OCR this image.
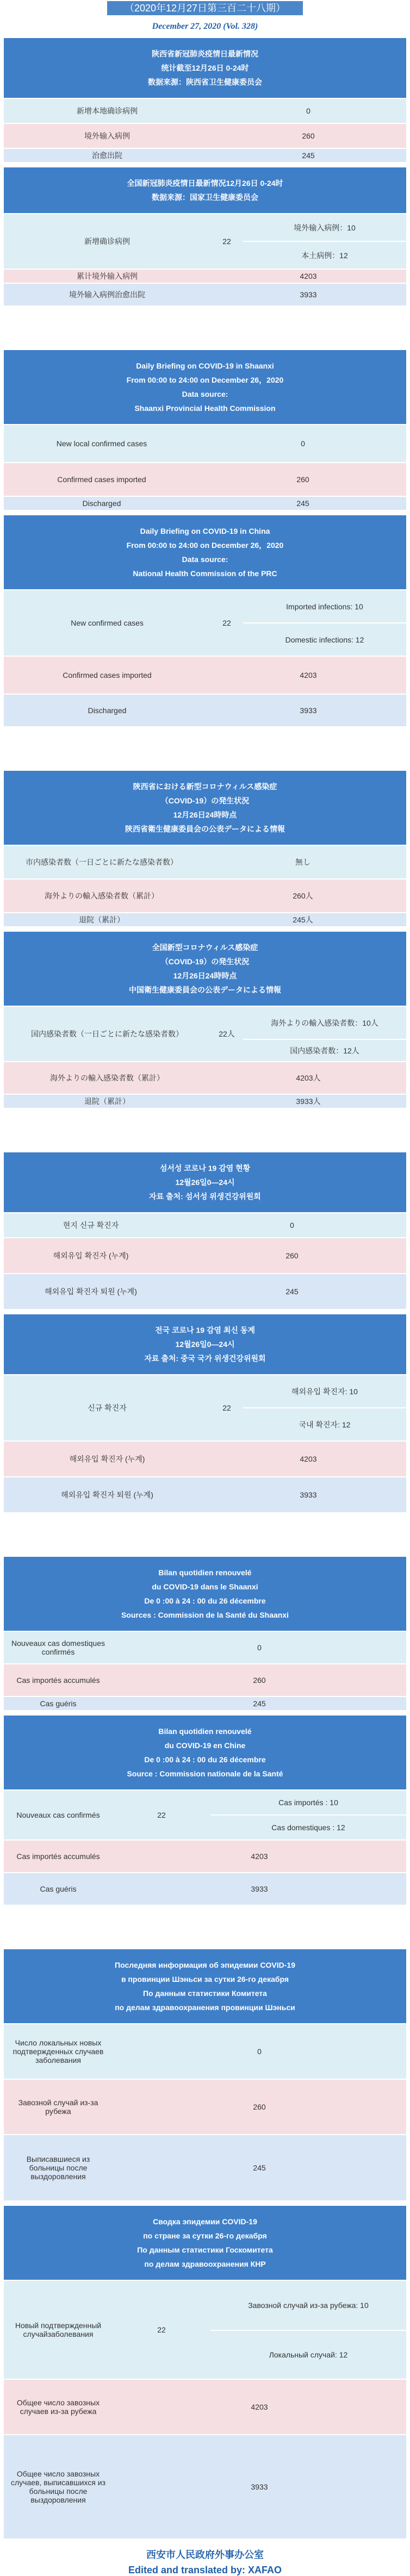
（2020年12月27日第三百二十八期）
December 27, 2020 (Vol. 328)
陕西省新冠肺炎疫情日最新情况
统计截至12月26日 0-24时
数据来源：陕西省卫生健康委员会
新增本地确诊病例	0
境外输入病例	260
治愈出院	245
全国新冠肺炎疫情日最新情况12月26日 0-24时
数据来源：国家卫生健康委员会
新增确诊病例	22	境外输入病例：10
		本土病例：12
累计境外输入病例	4203	
境外输入病例治愈出院	3933	
Daily Briefing on COVID-19 in Shaanxi
From 00:00 to 24:00 on December 26，2020
Data source:
Shaanxi Provincial Health Commission
New local confirmed cases	0
Confirmed cases imported	260
Discharged	245
Daily Briefing on COVID-19 in China
From 00:00 to 24:00 on December 26，2020
Data source:
National Health Commission of the PRC
New confirmed cases	22	Imported infections: 10
		Domestic infections: 12
Confirmed cases imported	4203	
Discharged	3933	
陝西省における新型コロナウィルス感染症
（COVID-19）の発生状況
12月26日24時時点
陝西省衛生健康委員会の公表データによる情報
市内感染者数（一日ごとに新たな感染者数）	無し
海外よりの輸入感染者数（累計）	260人
退院（累計）	245人
全国新型コロナウィルス感染症
（COVID-19）の発生状況
12月26日24時時点
中国衛生健康委員会の公表データによる情報
国内感染者数（一日ごとに新たな感染者数）	22人	海外よりの輸入感染者数：10人
		国内感染者数：12人
海外よりの輸入感染者数（累計）	4203人	
退院（累計）	3933人	
섬서성 코로나 19 감염 현황
12월26일0—24시
자료 출처: 섬서성 위생건강위원회
현지 신규 확진자	0
해외유입 확진자 (누계)	260
해외유입 확진자 퇴원 (누계)	245
전국 코로나 19 감염 최신 동계
12월26일0—24시
자료 출처: 중국 국가 위생건강위원회
신규 확진자	22	해외유입 확진자: 10
		국내 확진자: 12
해외유입 확진자 (누계)	4203	
해외유입 확진자 퇴원 (누계)	3933	
Bilan quotidien renouvelé
du COVID-19 dans le Shaanxi
De 0 :00 à 24 : 00 du 26 décembre
Sources : Commission de la Santé du Shaanxi
Nouveaux cas domestiques confirmés	0
Cas importés accumulés	260
Cas guéris	245
Bilan quotidien renouvelé
du COVID-19 en Chine
De 0 :00 à 24 : 00 du 26 décembre
Source : Commission nationale de la Santé
Nouveaux cas confirmés	22	Cas importés : 10
		Cas domestiques : 12
Cas importés accumulés	4203	
Cas guéris	3933	
Последняя информация об эпидемии COVID-19
в провинции Шэньси за сутки 26-го декабря
По данным статистики Комитета
по делам здравоохранения провинции Шэньси
Число локальных новых подтвержденных случаев заболевания	0
Завозной случай из-за рубежа	260
Выписавшиеся из больницы после выздоровления	245
Сводка эпидемии COVID-19
по стране за сутки 26-го декабря
По данным статистики Госкомитета
по делам здравоохранения КНР
Новый подтвержденный случайзаболевания	22	Завозной случай из-за рубежа: 10
		Локальный случай: 12
Общее число завозных случаев из-за рубежа	4203	
Общее число завозных случаев, выписавшихся из больницы после выздоровления	3933	
西安市人民政府外事办公室
Edited and translated by: XAFAO
